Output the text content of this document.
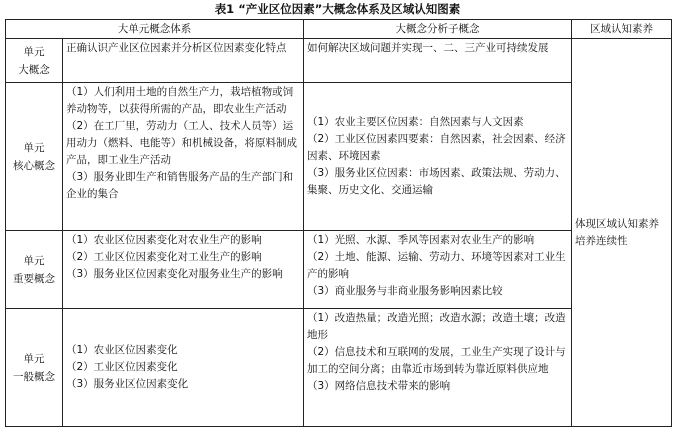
表1 “产业区位因素”大概念体系及区域认知图素
大单元概念体系		大概念分析子概念	区域认知素养

单元
大概念	正确认识产业区位因素并分析区位因素变化特点	如何解决区域问题并实现一、二、三产业可持续发展	体现区域认知素养培养连续性

单元
核心概念	（1）人们利用土地的自然生产力，栽培植物或饲养动物等，以获得所需的产品，即农业生产活动
（2）在工厂里，劳动力（工人、技术人员等）运用动力（燃料、电能等）和机械设备，将原料制成产品，即工业生产活动
（3）服务业即生产和销售服务产品的生产部门和企业的集合	（1）农业主要区位因素：自然因素与人文因素
（2）工业区位因素四要素：自然因素，社会因素、经济因素、环境因素
（3）服务业区位因素：市场因素、政策法规、劳动力、集聚、历史文化、交通运输	

单元
重要概念	（1）农业区位因素变化对农业生产的影响
（2）工业区位因素变化对工业生产的影响
（3）服务业区位因素变化对服务业生产的影响	（1）光照、水源、季风等因素对农业生产的影响
（2）土地、能源、运输、劳动力、环境等因素对工业生产的影响
（3）商业服务与非商业服务影响因素比较	

单元
一般概念	（1）农业区位因素变化
（2）工业区位因素变化
（3）服务业区位因素变化	（1）改造热量；改造光照；改造水源；改造土壤；改造地形
（2）信息技术和互联网的发展，工业生产实现了设计与加工的空间分离；由靠近市场到转为靠近原料供应地
（3）网络信息技术带来的影响	
